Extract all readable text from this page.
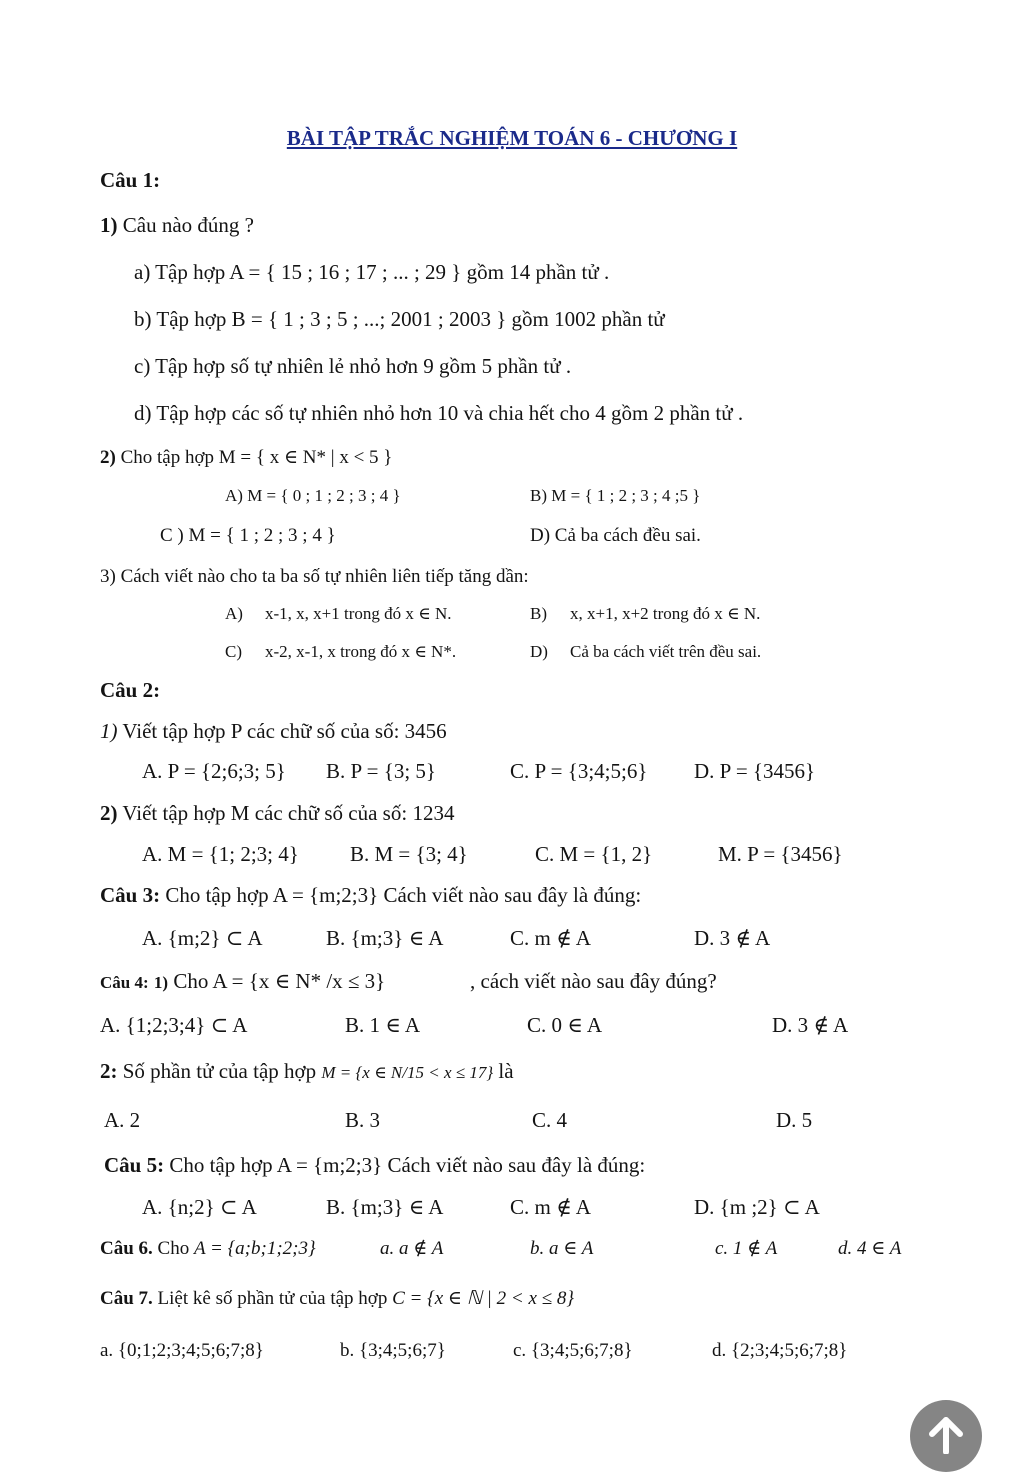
BÀI TẬP TRẮC NGHIỆM TOÁN 6 - CHƯƠNG I
Câu 1:
1) Câu nào đúng ?
a) Tập hợp A = { 15 ; 16 ; 17 ; ... ; 29 } gồm 14 phần tử .
b) Tập hợp B = { 1 ; 3 ; 5 ; ...; 2001 ; 2003 } gồm 1002 phần tử
c) Tập hợp số tự nhiên lẻ nhỏ hơn 9 gồm 5 phần tử .
d) Tập hợp các số tự nhiên nhỏ hơn 10 và chia hết cho 4 gồm 2 phần tử .
2) Cho tập hợp M = { x ∈ N* | x < 5 }
A) M = { 0 ; 1 ; 2 ; 3 ; 4 }	B) M = { 1 ; 2 ; 3 ; 4 ;5 }
C ) M = { 1 ; 2 ; 3 ; 4 }	D) Cả ba cách đều sai.
3) Cách viết nào cho ta ba số tự nhiên liên tiếp tăng dần:
A) x-1, x, x+1 trong đó x ∈ N.	B) x, x+1, x+2 trong đó x ∈ N.
C) x-2, x-1, x trong đó x ∈ N*.	D) Cả ba cách viết trên đều sai.
Câu 2:
1) Viết tập hợp P các chữ số của số: 3456
A. P = {2;6;3; 5} B. P = {3; 5}	C. P = {3;4;5;6} D. P = {3456}
2) Viết tập hợp M các chữ số của số: 1234
A. M = {1; 2;3; 4} B. M = {3; 4}	C. M = {1, 2}	M. P = {3456}
Câu 3: Cho tập hợp A = {m;2;3} Cách viết nào sau đây là đúng:
A. {m;2} ⊂ A	B. {m;3} ∈ A	C. m ∉ A	D. 3 ∉ A
Câu 4: 1) Cho A = {x ∈ N* /x ≤ 3}	, cách viết nào sau đây đúng?
A. {1;2;3;4} ⊂ A	B. 1 ∈ A	C. 0 ∈ A	D. 3 ∉ A
2: Số phần tử của tập hợp M = {x ∈ N/15 < x ≤ 17} là
A. 2	B. 3	C. 4	D. 5
Câu 5: Cho tập hợp A = {m;2;3} Cách viết nào sau đây là đúng:
A. {n;2} ⊂ A	B. {m;3} ∈ A	C. m ∉ A	D. {m ;2} ⊂ A
Câu 6. Cho A = {a;b;1;2;3}	a. a ∉ A	b. a ∈ A	c. 1 ∉ A	d. 4 ∈ A
Câu 7. Liệt kê số phần tử của tập hợp C = {x ∈ ℕ | 2 < x ≤ 8}
a. {0;1;2;3;4;5;6;7;8}	b. {3;4;5;6;7}	c. {3;4;5;6;7;8}	d. {2;3;4;5;6;7;8}
